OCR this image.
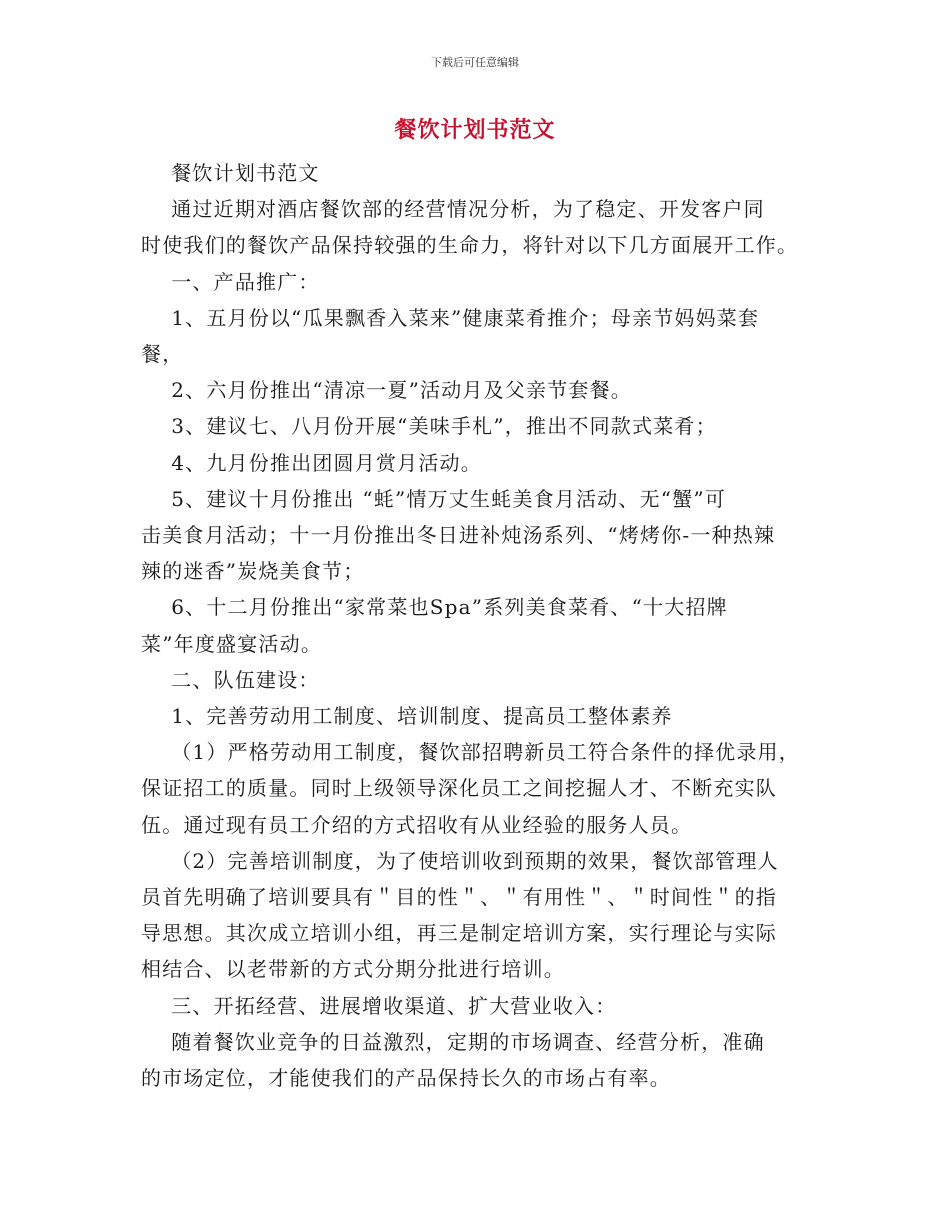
下载后可任意编辑
餐饮计划书范文

餐饮计划书范文

通过近期对酒店餐饮部的经营情况分析，为了稳定、开发客户同

时使我们的餐饮产品保持较强的生命力，将针对以下几方面展开工作。

一、产品推广：

1、五月份以“瓜果飘香入菜来”健康菜肴推介；母亲节妈妈菜套

餐，

2、六月份推出“清凉一夏”活动月及父亲节套餐。

3、建议七、八月份开展“美味手札”，推出不同款式菜肴；

4、九月份推出团圆月赏月活动。

5、建议十月份推出 “蚝”情万丈生蚝美食月活动、无“蟹”可

击美食月活动；十一月份推出冬日进补炖汤系列、“烤烤你-一种热辣

辣的迷香”炭烧美食节；

6、十二月份推出“家常菜也Spa”系列美食菜肴、“十大招牌

菜”年度盛宴活动。

二、队伍建设：

1、完善劳动用工制度、培训制度、提高员工整体素养

（1）严格劳动用工制度，餐饮部招聘新员工符合条件的择优录用，

保证招工的质量。同时上级领导深化员工之间挖掘人才、不断充实队

伍。通过现有员工介绍的方式招收有从业经验的服务人员。

（2）完善培训制度，为了使培训收到预期的效果，餐饮部管理人

员首先明确了培训要具有＂目的性＂、＂有用性＂、＂时间性＂的指

导思想。其次成立培训小组，再三是制定培训方案，实行理论与实际

相结合、以老带新的方式分期分批进行培训。

三、开拓经营、进展增收渠道、扩大营业收入：

随着餐饮业竞争的日益激烈，定期的市场调查、经营分析，准确

的市场定位，才能使我们的产品保持长久的市场占有率。
